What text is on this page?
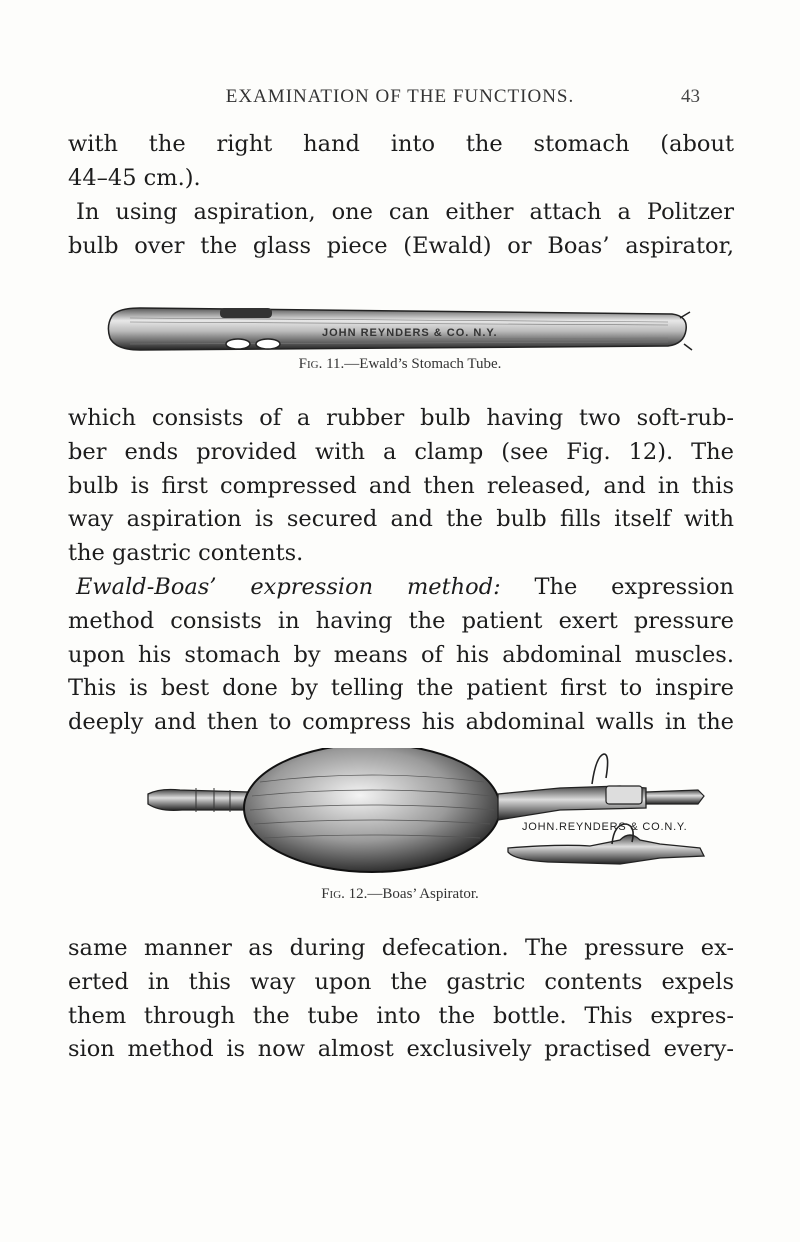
EXAMINATION OF THE FUNCTIONS.	43
with the right hand into the stomach (about
44–45 cm.).
In using aspiration, one can either attach a Politzer
bulb over the glass piece (Ewald) or Boas’ aspirator,
JOHN REYNDERS & CO. N.Y.
Fig. 11.—Ewald’s Stomach Tube.
which consists of a rubber bulb having two soft-rub-
ber ends provided with a clamp (see Fig. 12). The
bulb is first compressed and then released, and in this
way aspiration is secured and the bulb fills itself with
the gastric contents.
Ewald-Boas’ expression method: The expression
method consists in having the patient exert pressure
upon his stomach by means of his abdominal muscles.
This is best done by telling the patient first to inspire
deeply and then to compress his abdominal walls in the
JOHN.REYNDERS & CO.N.Y.
Fig. 12.—Boas’ Aspirator.
same manner as during defecation. The pressure ex-
erted in this way upon the gastric contents expels
them through the tube into the bottle. This expres-
sion method is now almost exclusively practised every-
